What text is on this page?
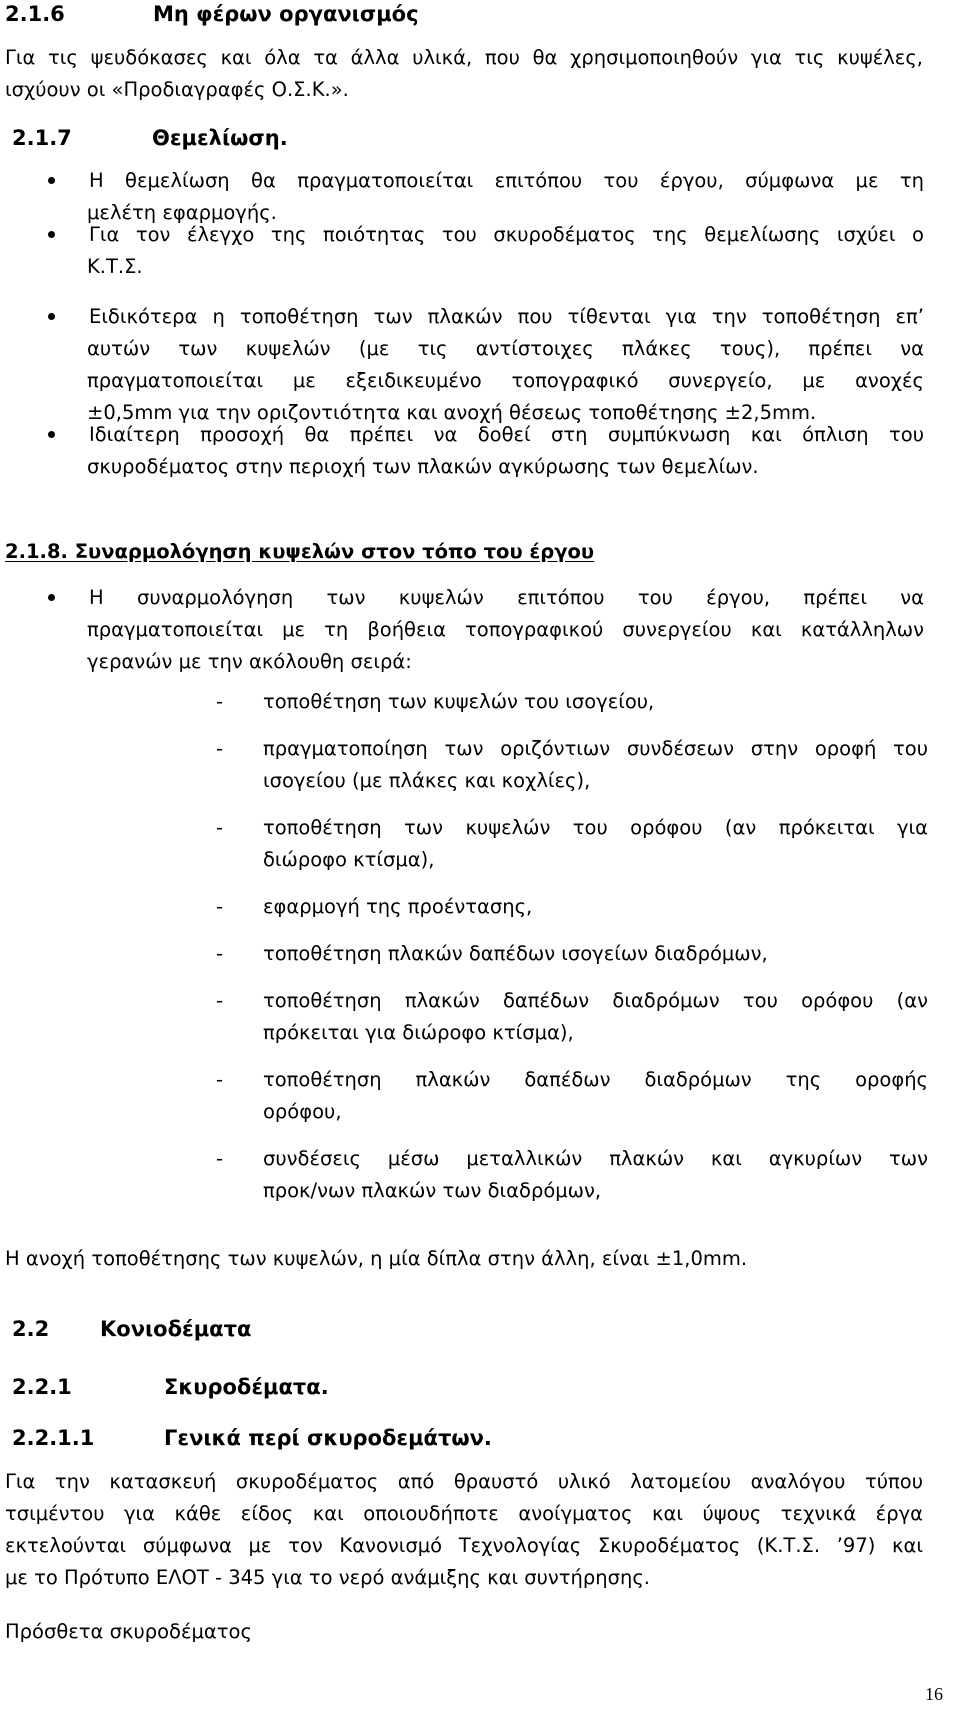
2.1.6	Μη φέρων οργανισμός
Για τις ψευδόκασες και όλα τα άλλα υλικά, που θα χρησιμοποιηθούν για τις κυψέλες,
ισχύουν οι «Προδιαγραφές Ο.Σ.Κ.».
2.1.7	Θεμελίωση.
Η θεμελίωση θα πραγματοποιείται επιτόπου του έργου, σύμφωνα με τη
μελέτη εφαρμογής.
Για τον έλεγχο της ποιότητας του σκυροδέματος της θεμελίωσης ισχύει ο
Κ.Τ.Σ.
Ειδικότερα η τοποθέτηση των πλακών που τίθενται για την τοποθέτηση επ’
αυτών των κυψελών (με τις αντίστοιχες πλάκες τους), πρέπει να
πραγματοποιείται με εξειδικευμένο τοπογραφικό συνεργείο, με ανοχές
±0,5mm για την οριζοντιότητα και ανοχή θέσεως τοποθέτησης ±2,5mm.
Ιδιαίτερη προσοχή θα πρέπει να δοθεί στη συμπύκνωση και όπλιση του
σκυροδέματος στην περιοχή των πλακών αγκύρωσης των θεμελίων.
2.1.8. Συναρμολόγηση κυψελών στον τόπο του έργου
Η συναρμολόγηση των κυψελών επιτόπου του έργου, πρέπει να
πραγματοποιείται με τη βοήθεια τοπογραφικού συνεργείου και κατάλληλων
γερανών με την ακόλουθη σειρά:
- τοποθέτηση των κυψελών του ισογείου,
- πραγματοποίηση των οριζόντιων συνδέσεων στην οροφή του
ισογείου (με πλάκες και κοχλίες),
- τοποθέτηση των κυψελών του ορόφου (αν πρόκειται για
διώροφο κτίσμα),
- εφαρμογή της προέντασης,
- τοποθέτηση πλακών δαπέδων ισογείων διαδρόμων,
- τοποθέτηση πλακών δαπέδων διαδρόμων του ορόφου (αν
πρόκειται για διώροφο κτίσμα),
- τοποθέτηση πλακών δαπέδων διαδρόμων της οροφής
ορόφου,
- συνδέσεις μέσω μεταλλικών πλακών και αγκυρίων των
προκ/νων πλακών των διαδρόμων,
Η ανοχή τοποθέτησης των κυψελών, η μία δίπλα στην άλλη, είναι ±1,0mm.
2.2 Κονιοδέματα
2.2.1	Σκυροδέματα.
2.2.1.1	Γενικά περί σκυροδεμάτων.
Για την κατασκευή σκυροδέματος από θραυστό υλικό λατομείου αναλόγου τύπου
τσιμέντου για κάθε είδος και οποιουδήποτε ανοίγματος και ύψους τεχνικά έργα
εκτελούνται σύμφωνα με τον Κανονισμό Τεχνολογίας Σκυροδέματος (Κ.Τ.Σ. ’97) και
με το Πρότυπο ΕΛΟΤ - 345 για το νερό ανάμιξης και συντήρησης.
Πρόσθετα σκυροδέματος
16
